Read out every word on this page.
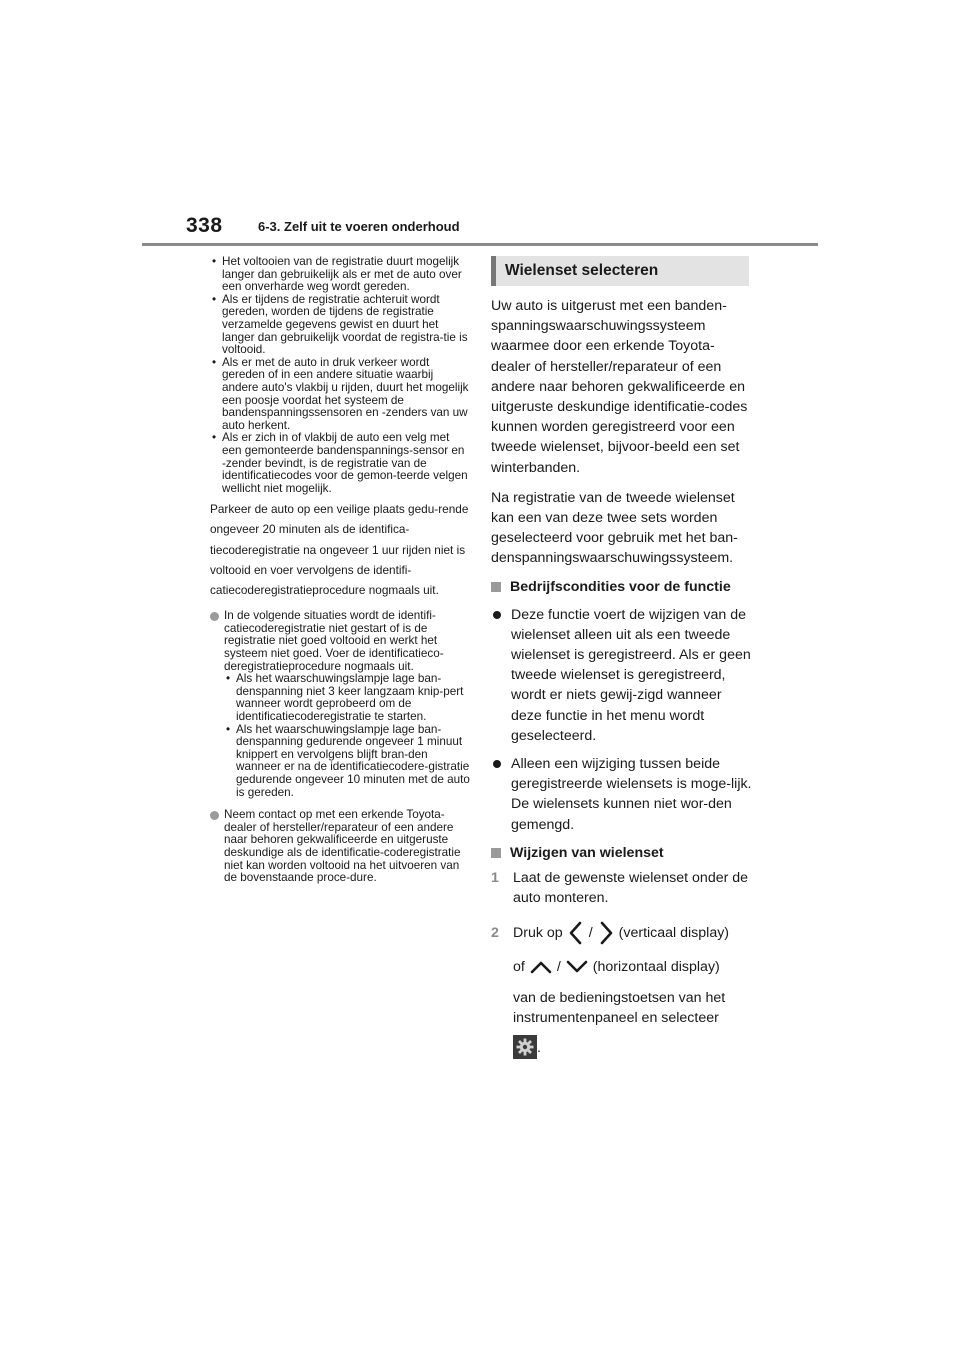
338	6-3. Zelf uit te voeren onderhoud
• Het voltooien van de registratie duurt mogelijk langer dan gebruikelijk als er met de auto over een onverharde weg wordt gereden.
• Als er tijdens de registratie achteruit wordt gereden, worden de tijdens de registratie verzamelde gegevens gewist en duurt het langer dan gebruikelijk voordat de registra-tie is voltooid.
• Als er met de auto in druk verkeer wordt gereden of in een andere situatie waarbij andere auto's vlakbij u rijden, duurt het mogelijk een poosje voordat het systeem de bandenspanningssensoren en -zenders van uw auto herkent.
• Als er zich in of vlakbij de auto een velg met een gemonteerde bandenspannings-sensor en -zender bevindt, is de registratie van de identificatiecodes voor de gemon-teerde velgen wellicht niet mogelijk.

Parkeer de auto op een veilige plaats gedu-rende ongeveer 20 minuten als de identifica-tiecoderegistratie na ongeveer 1 uur rijden niet is voltooid en voer vervolgens de identifi-catiecoderegistratieprocedure nogmaals uit.

In de volgende situaties wordt de identifi-catiecoderegistratie niet gestart of is de registratie niet goed voltooid en werkt het systeem niet goed. Voer de identificatieco-deregistratieprocedure nogmaals uit.
• Als het waarschuwingslampje lage ban-denspanning niet 3 keer langzaam knip-pert wanneer wordt geprobeerd om de identificatiecoderegistratie te starten.
• Als het waarschuwingslampje lage ban-denspanning gedurende ongeveer 1 minuut knippert en vervolgens blijft bran-den wanneer er na de identificatiecodere-gistratie gedurende ongeveer 10 minuten met de auto is gereden.
Neem contact op met een erkende Toyota-dealer of hersteller/reparateur of een andere naar behoren gekwalificeerde en uitgeruste deskundige als de identificatie-coderegistratie niet kan worden voltooid na het uitvoeren van de bovenstaande proce-dure.
Wielenset selecteren

Uw auto is uitgerust met een banden-spanningswaarschuwingssysteem waarmee door een erkende Toyota-dealer of hersteller/reparateur of een andere naar behoren gekwalificeerde en uitgeruste deskundige identificatie-codes kunnen worden geregistreerd voor een tweede wielenset, bijvoor-beeld een set winterbanden.

Na registratie van de tweede wielenset kan een van deze twee sets worden geselecteerd voor gebruik met het ban-denspanningswaarschuwingssysteem.

Bedrijfscondities voor de functie
Deze functie voert de wijzigen van de wielenset alleen uit als een tweede wielenset is geregistreerd. Als er geen tweede wielenset is geregistreerd, wordt er niets gewij-zigd wanneer deze functie in het menu wordt geselecteerd.
Alleen een wijziging tussen beide geregistreerde wielensets is moge-lijk. De wielensets kunnen niet wor-den gemengd.
Wijzigen van wielenset
1 Laat de gewenste wielenset onder de auto monteren.
2 Druk op / (verticaal display)
of / (horizontaal display)
van de bedieningstoetsen van het instrumentenpaneel en selecteer
.
